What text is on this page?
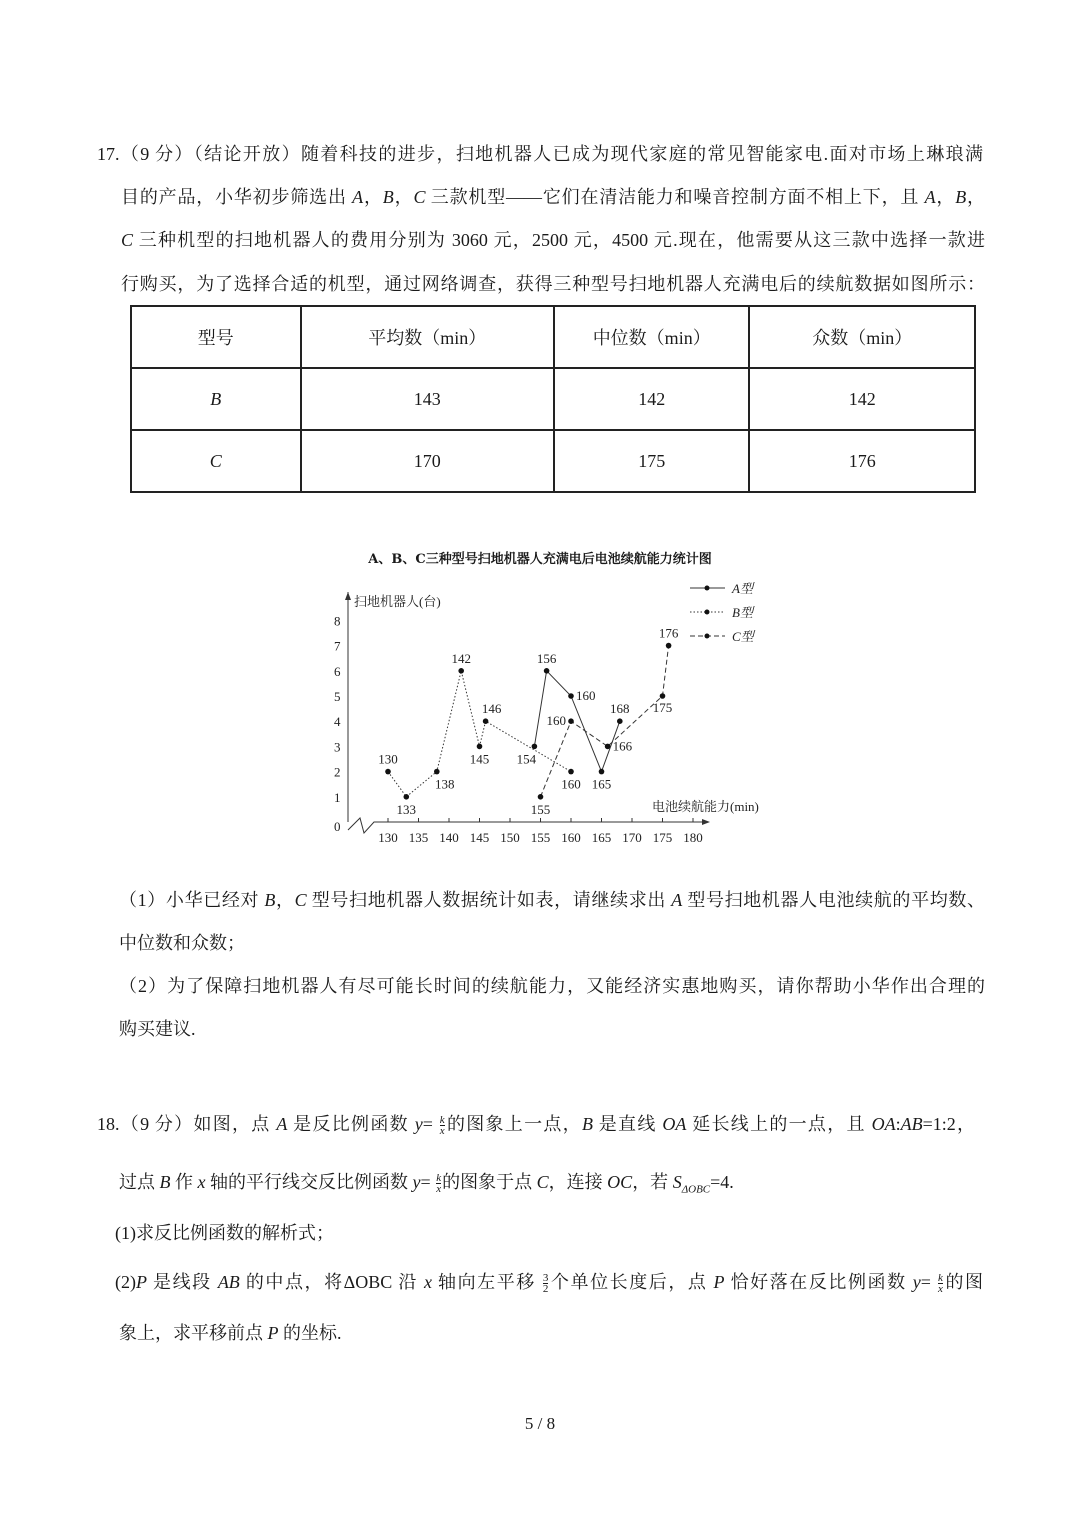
17.（9 分）（结论开放）随着科技的进步，扫地机器人已成为现代家庭的常见智能家电.面对市场上琳琅满
目的产品，小华初步筛选出 A，B，C 三款机型——它们在清洁能力和噪音控制方面不相上下，且 A，B，
C 三种机型的扫地机器人的费用分别为 3060 元，2500 元，4500 元.现在，他需要从这三款中选择一款进
行购买，为了选择合适的机型，通过网络调查，获得三种型号扫地机器人充满电后的续航数据如图所示：
型号	平均数（min）	中位数（min）	众数（min）
B	143	142	142
C	170	175	176
A、B、C三种型号扫地机器人充满电后电池续航能力统计图
0
扫地机器人(台)
电池续航能力(min)
1
2
3
4
5
6
7
8
130 135 140 145 150 155 160 165 170 175 180
154
156
160
165
168
A型
130
133
138
142
145
146
160
B型
155
160
166
175
176	C型
（1）小华已经对 B，C 型号扫地机器人数据统计如表，请继续求出 A 型号扫地机器人电池续航的平均数、
中位数和众数；
（2）为了保障扫地机器人有尽可能长时间的续航能力，又能经济实惠地购买，请你帮助小华作出合理的
购买建议.
18.（9 分）如图，点 A 是反比例函数 $y= \frac{k}{x}$ 的图象上一点，B 是直线 OA 延长线上的一点，且 OA:AB=1:2，
过点 B 作 x 轴的平行线交反比例函数 $y= \frac{k}{x}$ 的图象于点 C，连接 OC，若 $S_{\Delta OBC}=4$.
(1)求反比例函数的解析式；
(2)P 是线段 AB 的中点，将ΔOBC 沿 x 轴向左平移 $\frac{3}{2}$ 个单位长度后，点 P 恰好落在反比例函数 $y= \frac{k}{x}$ 的图
象上，求平移前点 P 的坐标.
5 / 8
